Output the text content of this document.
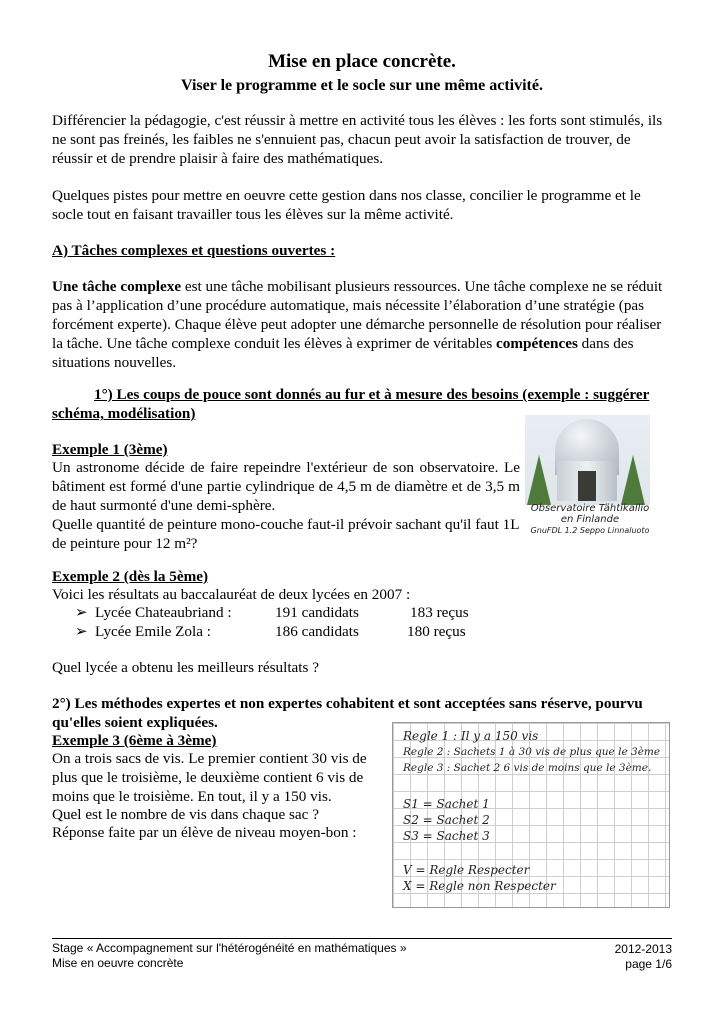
Mise en place concrète.
Viser le programme et le socle sur une même activité.

Différencier la pédagogie, c'est réussir à mettre en activité tous les élèves : les forts sont stimulés, ils ne sont pas freinés, les faibles ne s'ennuient pas, chacun peut avoir la satisfaction de trouver, de réussir et de prendre plaisir à faire des mathématiques.

Quelques pistes pour mettre en oeuvre cette gestion dans nos classe, concilier le programme et le socle tout en faisant travailler tous les élèves sur la même activité.

A) Tâches complexes et questions ouvertes :

Une tâche complexe est une tâche mobilisant plusieurs ressources. Une tâche complexe ne se réduit pas à l’application d’une procédure automatique, mais nécessite l’élaboration d’une stratégie (pas forcément experte). Chaque élève peut adopter une démarche personnelle de résolution pour réaliser la tâche. Une tâche complexe conduit les élèves à exprimer de véritables compétences dans des situations nouvelles.

1°) Les coups de pouce sont donnés au fur et à mesure des besoins (exemple : suggérer schéma, modélisation)

Exemple 1 (3ème)

Un astronome décide de faire repeindre l'extérieur de son observatoire. Le bâtiment est formé d'une partie cylindrique de 4,5 m de diamètre et de 3,5 m de haut surmonté d'une demi-sphère.

Quelle quantité de peinture mono-couche faut-il prévoir sachant qu'il faut 1L de peinture pour 12 m²?

Observatoire Tähtikallio
en Finlande
GnuFDL 1.2 Seppo Linnaluoto

Exemple 2 (dès la 5ème)

Voici les résultats au baccalauréat de deux lycées en 2007 :

➢ Lycée Chateaubriand :	191 candidats	183 reçus
➢ Lycée Emile Zola :	186 candidats	180 reçus

Quel lycée a obtenu les meilleurs résultats ?

2°) Les méthodes expertes et non expertes cohabitent et sont acceptées sans réserve, pourvu qu'elles soient expliquées.

Exemple 3 (6ème à 3ème)

On a trois sacs de vis. Le premier contient 30 vis de plus que le troisième, le deuxième contient 6 vis de moins que le troisième. En tout, il y a 150 vis.

Quel est le nombre de vis dans chaque sac ?

Réponse faite par un élève de niveau moyen-bon :

Regle 1 : Il y a 150 vis
Regle 2 : Sachets 1 à 30 vis de plus que le 3ème
Regle 3 : Sachet 2 6 vis de moins que le 3ème.
S1 = Sachet 1
S2 = Sachet 2
S3 = Sachet 3
V = Regle Respecter
X = Regle non Respecter
Stage « Accompagnement sur l'hétérogénéité en mathématiques »
Mise en oeuvre concrète
2012-2013
page 1/6
